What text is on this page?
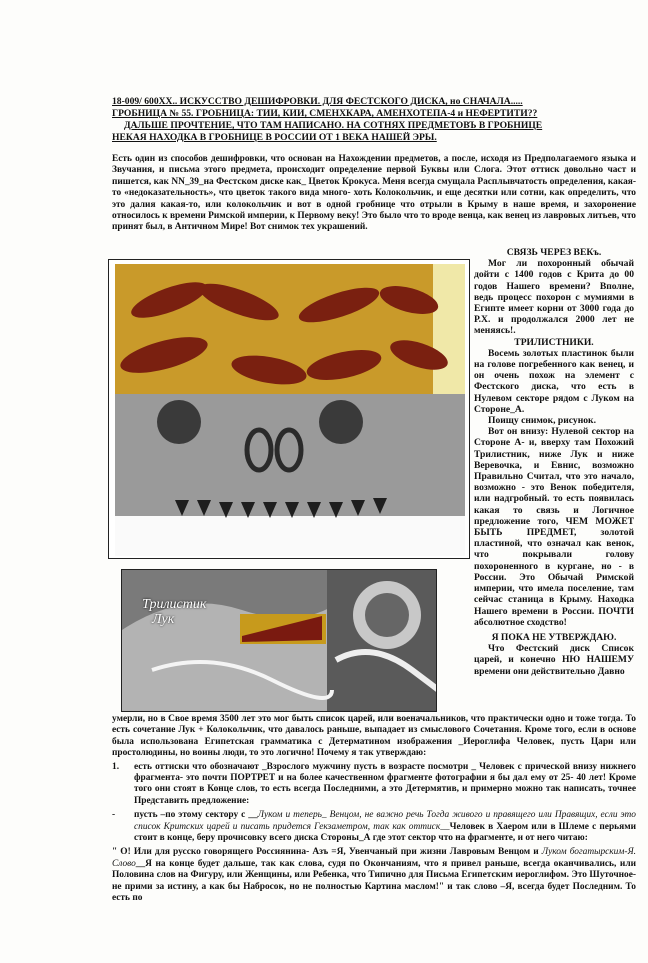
18-009/ 600XX.. ИСКУССТВО ДЕШИФРОВКИ. ДЛЯ ФЕСТСКОГО ДИСКА, но СНАЧАЛА.....
ГРОБНИЦА № 55. ГРОБНИЦА: ТИИ, КИИ, СМЕНХКАРА, АМЕНХОТЕПА-4 и НЕФЕРТИТИ??
ДАЛЬШЕ ПРОЧТЕНИЕ, ЧТО ТАМ НАПИСАНО. НА СОТНЯХ ПРЕДМЕТОВЪ В ГРОБНИЦЕ
НЕКАЯ НАХОДКА В ГРОБНИЦЕ В РОССИИ ОТ 1 ВЕКА НАШЕЙ ЭРЫ.
Есть один из способов дешифровки, что основан на Нахождении предметов, а после, исходя из Предполагаемого языка и Звучания, и письма этого предмета, происходит определение первой Буквы или Слога. Этот оттиск довольно част и пишется, как NN_39_на Фестском диске как_ Цветок Крокуса. Меня всегда смущала Расплывчатость определения, какая-то «недоказательность», что цветок такого вида много- хоть Колокольчик, и еще десятки или сотни, как определить, что это далия какая-то, или колокольчик и вот в одной гробнице что отрыли в Крыму в наше время, и захоронение относилось к времени Римской империи, к Первому веку! Это было что то вроде венца, как венец из лавровых литьев, что принят был, в Античном Мире! Вот снимок тех украшений.
СВЯЗЬ ЧЕРЕЗ ВЕКъ.

Мог ли похоронный обычай дойти с 1400 годов с Крита до 00 годов Нашего времени? Вполне, ведь процесс похорон с мумиями в Египте имеет корни от 3000 года до Р.Х. и продолжался 2000 лет не меняясь!.

ТРИЛИСТНИКИ.

Восемь золотых пластинок были на голове погребенного как венец, и он очень похож на элемент с Фестского диска, что есть в Нулевом секторе рядом с Луком на Стороне_А.

Поищу снимок, рисунок.

Вот он внизу: Нулевой сектор на Стороне А- и, вверху там Похожий Трилистник, ниже Лук и ниже Веревочка, и Евнис, возможно Правильно Считал, что это начало, возможно - это Венок победителя, или надгробный. то есть появилась какая то связь и Логичное предложение того, ЧЕМ МОЖЕТ БЫТЬ ПРЕДМЕТ, золотой пластиной, что означал как венок, что покрывали голову похороненного в кургане, но - в России. Это Обычай Римской империи, что имела поселение, там сейчас станица в Крыму. Находка Нашего времени в России. ПОЧТИ абсолютное сходство!

Я ПОКА НЕ УТВЕРЖДАЮ.

Что Фестский диск Список царей, и конечно НЮ НАШЕМУ времени они действительно Давно

Трилистик
Лук

умерли, но в Свое время 3500 лет это мог быть список царей, или военачальников, что практически одно и тоже тогда. То есть сочетание Лук + Колокольчик, что давалось раньше, выпадает из смыслового Сочетания. Кроме того, если в основе была использована Египетская грамматика с Детерматином изображения _Иероглифа Человек, пусть Цари или простолюдины, но воины люди, то это логично! Почему я так утверждаю:

1.	есть оттиски что обозначают _Взрослого мужчину пусть в возрасте посмотри _ Человек с причеcкой внизу нижнего фрагмента- это почти ПОРТРЕТ и на более качественном фрагменте фотографии я бы дал ему от 25- 40 лет! Кроме того они стоят в Конце слов, то есть всегда Последними, а это Детермятив, и примерно можно так написать, точнее Представить предложение:
-	пусть –по этому сектору с __Луком и теперь_ Венцом, не важно речь Тогда живого и правящего или Правящих, если это список Критских царей и писать придется Гекзаметром, так как оттиск__Человек в Хаером или в Шлеме с перьями стоит в конце, беру прочисовку всего диска Стороны_А где этот сектор что на фрагменте, и от него читаю:

" О! Или для русско говорящего Россиянина- Азъ =Я, Увенчаный при жизни Лавровым Венцом и Луком богатырским-Я. Слово__Я на конце будет дальше, так как слова, судя по Окончаниям, что я привел раньше, всегда оканчивались, или Половина слов на Фигуру, или Женщины, или Ребенка, что Типично для Письма Египетским иероглифом. Это Шуточное- не прими за истину, а как бы Набросок, но не полностью Картина маслом!" и так слово –Я, всегда будет Последним. То есть по
